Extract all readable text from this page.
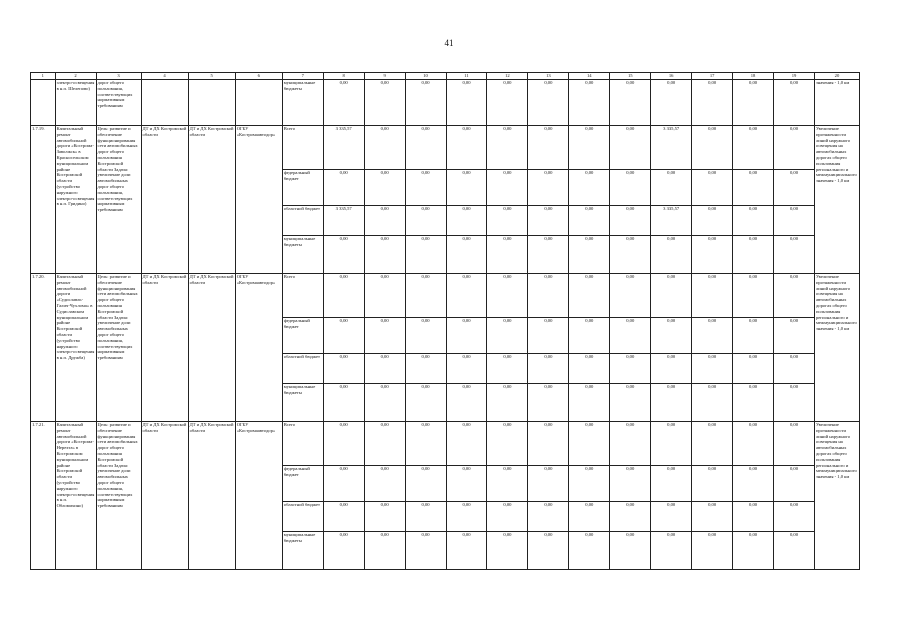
41
1	2	3	4	5	6	7	8	9	10	11	12	13	14	15	16	17	18	19	20
	электро-освещения в н.п. Шелепово)	дорог общего пользования, соответствующих нормативным требованиям				муниципальные бюджеты	0,00	0,00	0,00	0,00	0,00	0,00	0,00	0,00	0,00	0,00	0,00	0,00	значения - 1,0 км
1.7.19.	Капитальный ремонт автомобильной дороги «Кострома-Заволжск» в Красносельском муниципальном районе Костромской области (устройство наружного электро-освещения в н.п. Гридино)	Цель: развитие и обеспечение функционирования сети автомобильных дорог общего пользования Костромской области Задача: увеличение доли автомобильных дорог общего пользования, соответствующих нормативным требованиям	ДТ и ДХ Костромской области	ДТ и ДХ Костромской области	ОГБУ «Костромаавтодор»	Всего	3 335,57	0,00	0,00	0,00	0,00	0,00	0,00	0,00	3 335,57	0,00	0,00	0,00	Увеличение протяженности линий наружного освещения на автомобильных дорогах общего пользования регионального и межмуниципального значения - 1,0 км
						федеральный бюджет	0,00	0,00	0,00	0,00	0,00	0,00	0,00	0,00	0,00	0,00	0,00	0,00	
						областной бюджет	3 335,57	0,00	0,00	0,00	0,00	0,00	0,00	0,00	3 335,57	0,00	0,00	0,00	
						муниципальные бюджеты	0,00	0,00	0,00	0,00	0,00	0,00	0,00	0,00	0,00	0,00	0,00	0,00	
1.7.20.	Капитальный ремонт автомобильной дороги «Судиславль-Галич-Чухлома» в Судиславском муниципальном районе Костромской области (устройство наружного электро-освещения в н.п. Дружба)	Цель: развитие и обеспечение функционирования сети автомобильных дорог общего пользования Костромской области Задача: увеличение доли автомобильных дорог общего пользования, соответствующих нормативным требованиям	ДТ и ДХ Костромской области	ДТ и ДХ Костромской области	ОГБУ «Костромаавтодор»	Всего	0,00	0,00	0,00	0,00	0,00	0,00	0,00	0,00	0,00	0,00	0,00	0,00	Увеличение протяженности линий наружного освещения на автомобильных дорогах общего пользования регионального и межмуниципального значения - 1,0 км
						федеральный бюджет	0,00	0,00	0,00	0,00	0,00	0,00	0,00	0,00	0,00	0,00	0,00	0,00	
						областной бюджет	0,00	0,00	0,00	0,00	0,00	0,00	0,00	0,00	0,00	0,00	0,00	0,00	
						муниципальные бюджеты	0,00	0,00	0,00	0,00	0,00	0,00	0,00	0,00	0,00	0,00	0,00	0,00	
1.7.21.	Капитальный ремонт автомобильной дороги «Кострома-Нерехта» в Костромском муниципальном районе Костромской области (устройство наружного электро-освещения в н.п. Обломихино)	Цель: развитие и обеспечение функционирования сети автомобильных дорог общего пользования Костромской области Задача: увеличение доли автомобильных дорог общего пользования, соответствующих нормативным требованиям	ДТ и ДХ Костромской области	ДТ и ДХ Костромской области	ОГБУ «Костромаавтодор»	Всего	0,00	0,00	0,00	0,00	0,00	0,00	0,00	0,00	0,00	0,00	0,00	0,00	Увеличение протяженности линий наружного освещения на автомобильных дорогах общего пользования регионального и межмуниципального значения - 1,0 км
						федеральный бюджет	0,00	0,00	0,00	0,00	0,00	0,00	0,00	0,00	0,00	0,00	0,00	0,00	
						областной бюджет	0,00	0,00	0,00	0,00	0,00	0,00	0,00	0,00	0,00	0,00	0,00	0,00	
						муниципальные бюджеты	0,00	0,00	0,00	0,00	0,00	0,00	0,00	0,00	0,00	0,00	0,00	0,00	
